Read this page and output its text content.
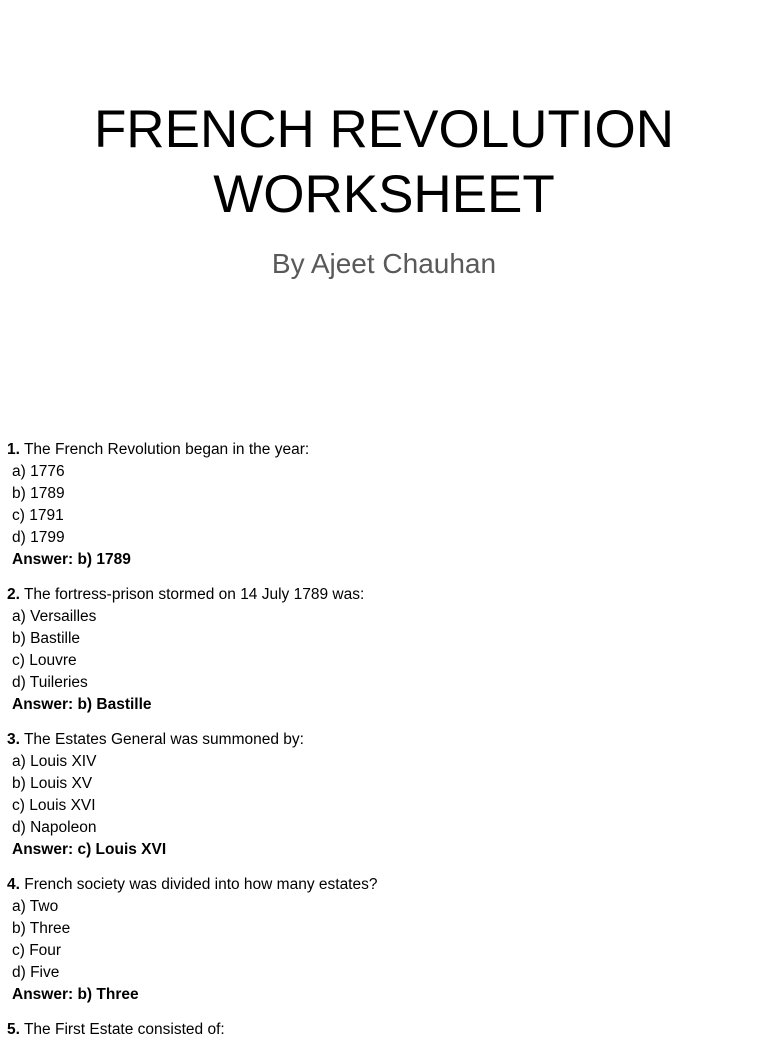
FRENCH REVOLUTION
WORKSHEET
By Ajeet Chauhan
1. The French Revolution began in the year:
a) 1776
b) 1789
c) 1791
d) 1799
Answer: b) 1789
2. The fortress-prison stormed on 14 July 1789 was:
a) Versailles
b) Bastille
c) Louvre
d) Tuileries
Answer: b) Bastille
3. The Estates General was summoned by:
a) Louis XIV
b) Louis XV
c) Louis XVI
d) Napoleon
Answer: c) Louis XVI
4. French society was divided into how many estates?
a) Two
b) Three
c) Four
d) Five
Answer: b) Three
5. The First Estate consisted of:
